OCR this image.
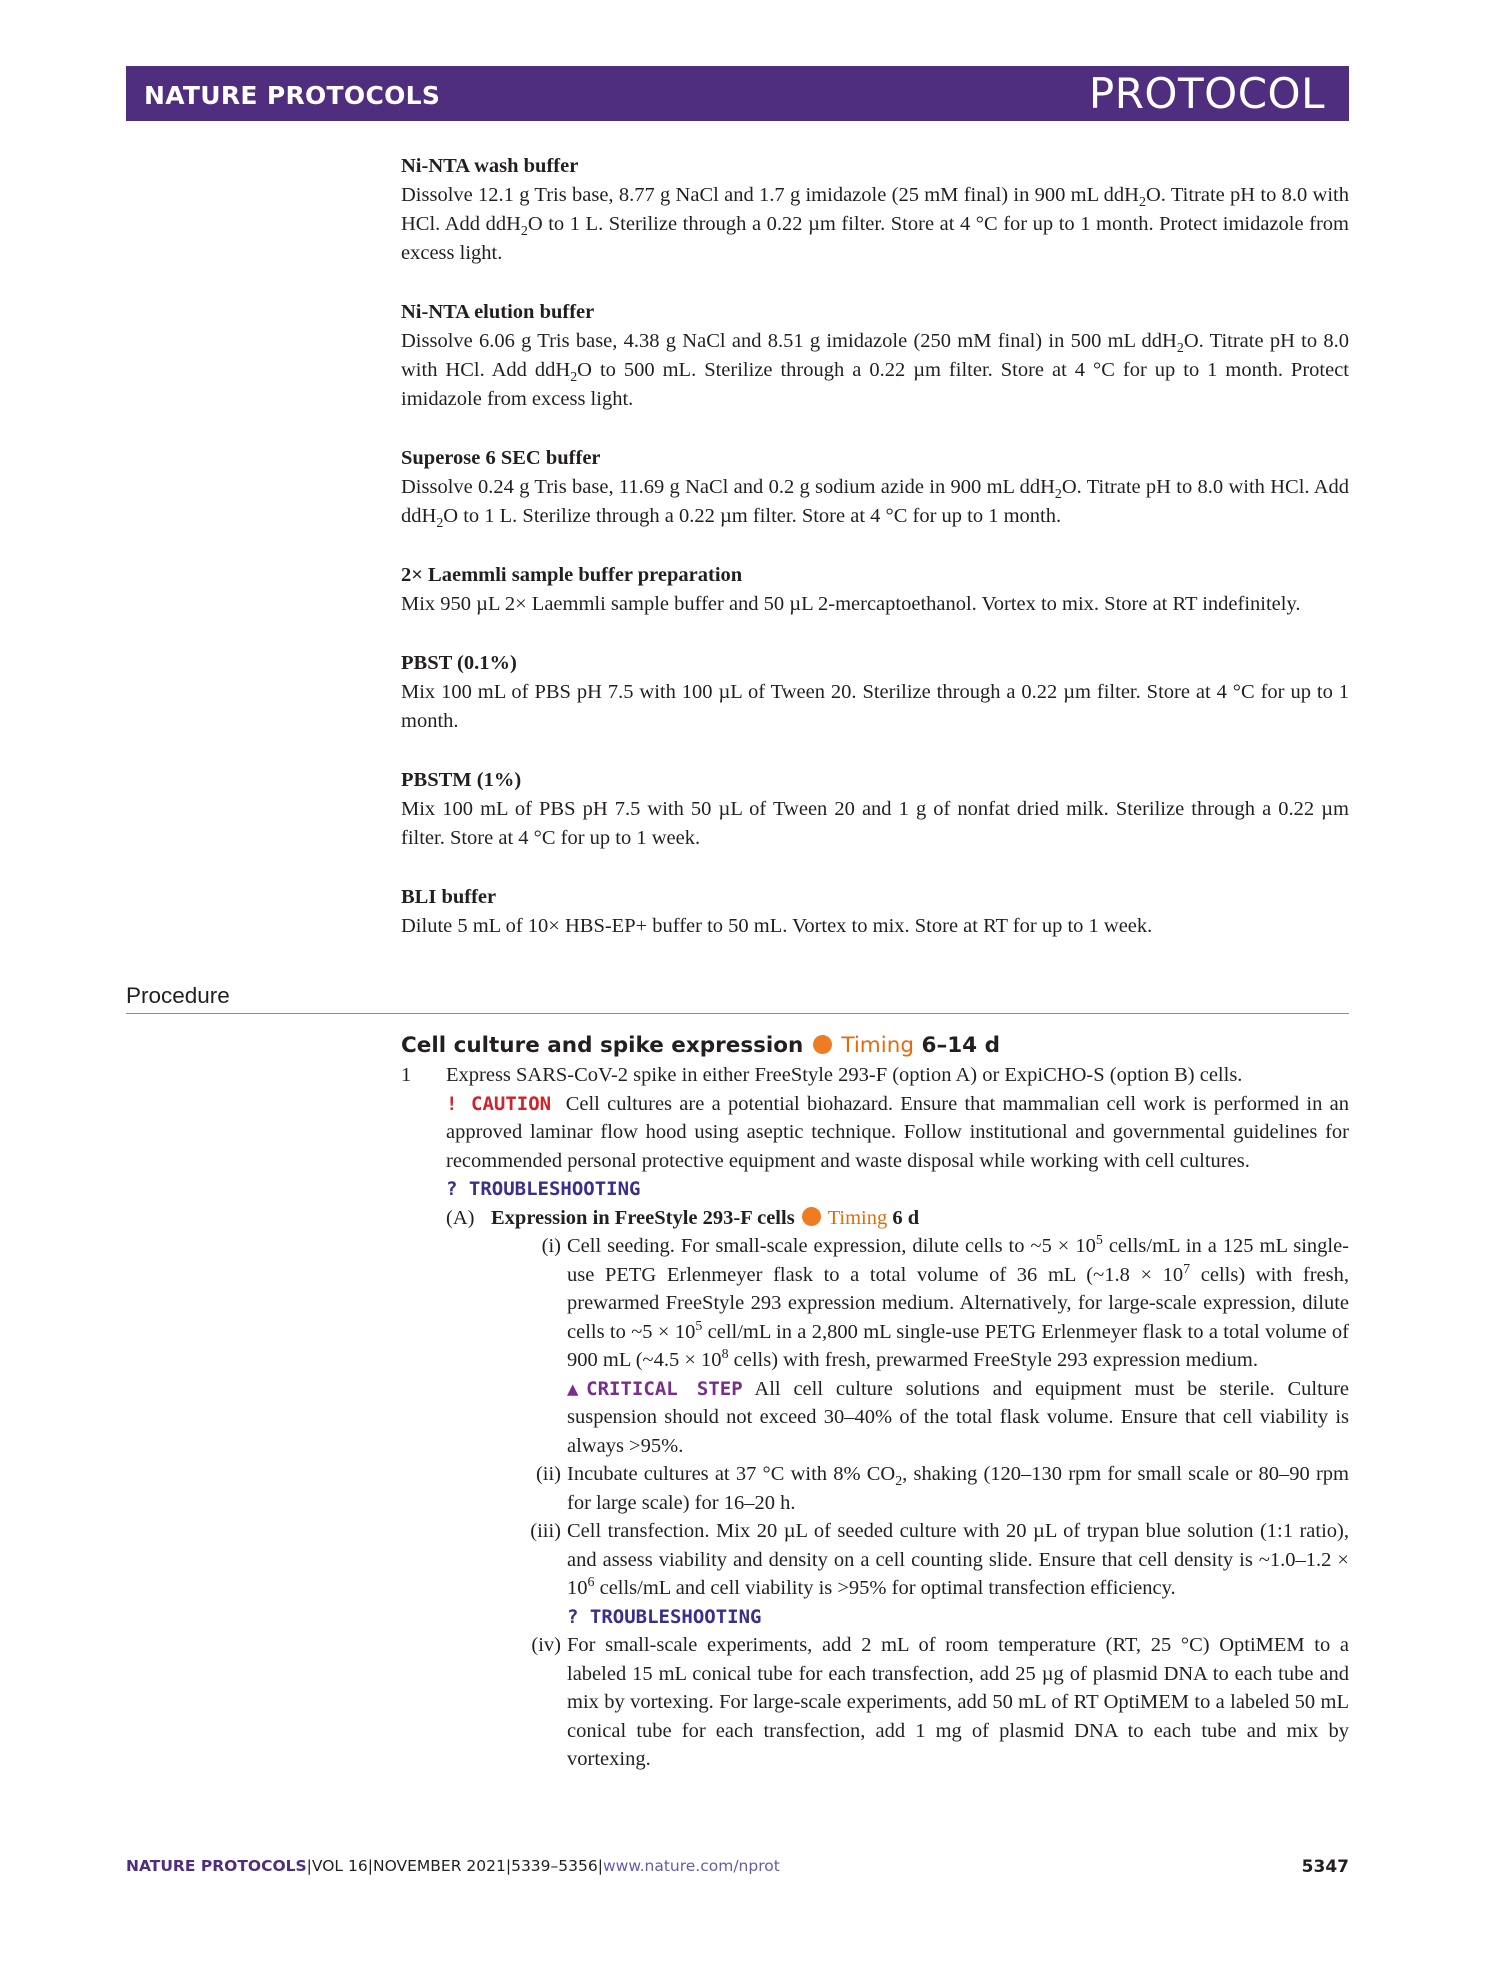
NATURE PROTOCOLS	PROTOCOL
Ni-NTA wash buffer
Dissolve 12.1 g Tris base, 8.77 g NaCl and 1.7 g imidazole (25 mM final) in 900 mL ddH$_2$O. Titrate pH to 8.0 with HCl. Add ddH$_2$O to 1 L. Sterilize through a 0.22 µm filter. Store at 4 °C for up to 1 month. Protect imidazole from excess light.
Ni-NTA elution buffer
Dissolve 6.06 g Tris base, 4.38 g NaCl and 8.51 g imidazole (250 mM final) in 500 mL ddH$_2$O. Titrate pH to 8.0 with HCl. Add ddH$_2$O to 500 mL. Sterilize through a 0.22 µm filter. Store at 4 °C for up to 1 month. Protect imidazole from excess light.
Superose 6 SEC buffer
Dissolve 0.24 g Tris base, 11.69 g NaCl and 0.2 g sodium azide in 900 mL ddH$_2$O. Titrate pH to 8.0 with HCl. Add ddH$_2$O to 1 L. Sterilize through a 0.22 µm filter. Store at 4 °C for up to 1 month.
2× Laemmli sample buffer preparation
Mix 950 µL 2× Laemmli sample buffer and 50 µL 2-mercaptoethanol. Vortex to mix. Store at RT indefinitely.
PBST (0.1%)
Mix 100 mL of PBS pH 7.5 with 100 µL of Tween 20. Sterilize through a 0.22 µm filter. Store at 4 °C for up to 1 month.
PBSTM (1%)
Mix 100 mL of PBS pH 7.5 with 50 µL of Tween 20 and 1 g of nonfat dried milk. Sterilize through a 0.22 µm filter. Store at 4 °C for up to 1 week.
BLI buffer
Dilute 5 mL of 10× HBS-EP+ buffer to 50 mL. Vortex to mix. Store at RT for up to 1 week.
Procedure
Cell culture and spike expression Timing 6–14 d
1 Express SARS-CoV-2 spike in either FreeStyle 293-F (option A) or ExpiCHO-S (option B) cells.
! CAUTION Cell cultures are a potential biohazard. Ensure that mammalian cell work is performed in an approved laminar flow hood using aseptic technique. Follow institutional and governmental guidelines for recommended personal protective equipment and waste disposal while working with cell cultures.
? TROUBLESHOOTING
(A) Expression in FreeStyle 293-F cells Timing 6 d
(i) Cell seeding. For small-scale expression, dilute cells to ~5 × $10^5$ cells/mL in a 125 mL single-use PETG Erlenmeyer flask to a total volume of 36 mL (~1.8 × $10^7$ cells) with fresh, prewarmed FreeStyle 293 expression medium. Alternatively, for large-scale expression, dilute cells to ~5 × $10^5$ cell/mL in a 2,800 mL single-use PETG Erlenmeyer flask to a total volume of 900 mL (~4.5 × $10^8$ cells) with fresh, prewarmed FreeStyle 293 expression medium.
▲CRITICAL STEP All cell culture solutions and equipment must be sterile. Culture suspension should not exceed 30–40% of the total flask volume. Ensure that cell viability is always >95%.
(ii) Incubate cultures at 37 °C with 8% $CO_2$, shaking (120–130 rpm for small scale or 80–90 rpm for large scale) for 16–20 h.
(iii) Cell transfection. Mix 20 µL of seeded culture with 20 µL of trypan blue solution (1:1 ratio), and assess viability and density on a cell counting slide. Ensure that cell density is ~1.0–1.2 × $10^6$ cells/mL and cell viability is >95% for optimal transfection efficiency.
? TROUBLESHOOTING
(iv) For small-scale experiments, add 2 mL of room temperature (RT, 25 °C) OptiMEM to a labeled 15 mL conical tube for each transfection, add 25 µg of plasmid DNA to each tube and mix by vortexing. For large-scale experiments, add 50 mL of RT OptiMEM to a labeled 50 mL conical tube for each transfection, add 1 mg of plasmid DNA to each tube and mix by vortexing.
NATURE PROTOCOLS|VOL 16|NOVEMBER 2021|5339–5356|www.nature.com/nprot	5347
